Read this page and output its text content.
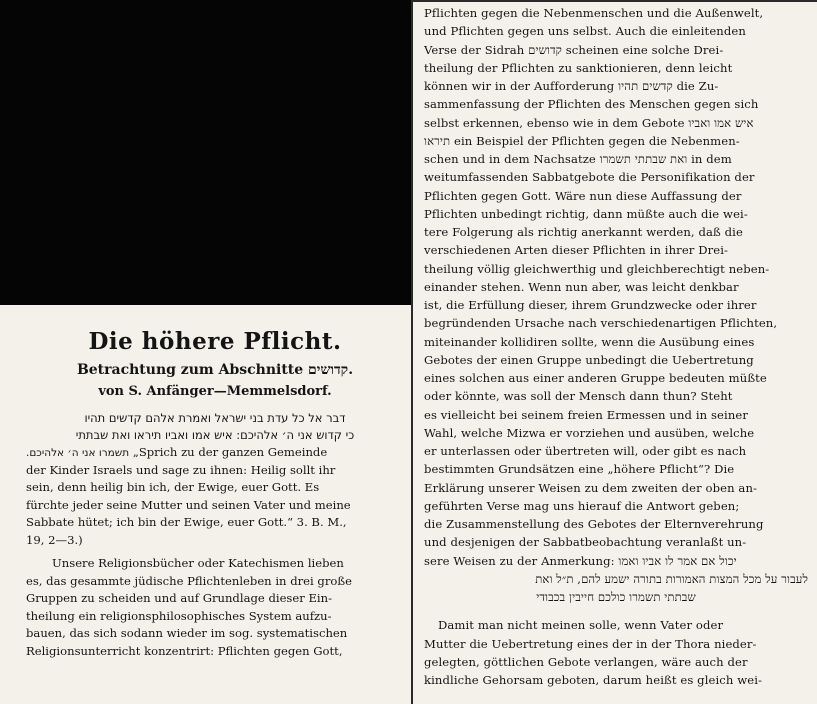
Pflichten gegen die Nebenmenschen und die Außenwelt,
und Pflichten gegen uns selbst. Auch die einleitenden
Verse der Sidrah קדושים scheinen eine solche Drei-
theilung der Pflichten zu sanktionieren, denn leicht
können wir in der Aufforderung קדשים תהיו die Zu-
sammenfassung der Pflichten des Menschen gegen sich
selbst erkennen, ebenso wie in dem Gebote איש אמו ואביו
תיראו ein Beispiel der Pflichten gegen die Nebenmen-
schen und in dem Nachsatze ואת שבתתי תשמרו in dem
weitumfassenden Sabbatgebote die Personifikation der
Pflichten gegen Gott. Wäre nun diese Auffassung der
Pflichten unbedingt richtig, dann müßte auch die wei-
tere Folgerung als richtig anerkannt werden, daß die
verschiedenen Arten dieser Pflichten in ihrer Drei-
theilung völlig gleichwerthig und gleichberechtigt neben-
einander stehen. Wenn nun aber, was leicht denkbar
ist, die Erfüllung dieser, ihrem Grundzwecke oder ihrer
begründenden Ursache nach verschiedenartigen Pflichten,
miteinander kollidiren sollte, wenn die Ausübung eines
Gebotes der einen Gruppe unbedingt die Uebertretung
eines solchen aus einer anderen Gruppe bedeuten müßte
oder könnte, was soll der Mensch dann thun? Steht
es vielleicht bei seinem freien Ermessen und in seiner
Wahl, welche Mizwa er vorziehen und ausüben, welche
er unterlassen oder übertreten will, oder gibt es nach
bestimmten Grundsätzen eine „höhere Pflicht“? Die
Erklärung unserer Weisen zu dem zweiten der oben an-
geführten Verse mag uns hierauf die Antwort geben;
die Zusammenstellung des Gebotes der Elternverehrung
und desjenigen der Sabbatbeobachtung veranlaßt un-
sere Weisen zu der Anmerkung: יכול אם אמר לו אביו ואמו
לעבור על מכל המצות האמורות בתורה ישמע להם, ת״ל ואת
שבתתי תשמרו כולכם חייבין בכבודי
Damit man nicht meinen solle, wenn Vater oder
Mutter die Uebertretung eines der in der Thora nieder-
gelegten, göttlichen Gebote verlangen, wäre auch der
kindliche Gehorsam geboten, darum heißt es gleich wei-
Die höhere Pflicht.
Betrachtung zum Abschnitte קדושים.
von S. Anfänger—Memmelsdorf.
דבר אל כל עדת בני ישראל ואמרת אלהם קדשים תהיו
כי קדוש אני ה׳ אלהיכם: איש אמו ואביו תיראו ואת שבתתי
תשמרו אני ה׳ אלהיכם. „Sprich zu der ganzen Gemeinde
der Kinder Israels und sage zu ihnen: Heilig sollt ihr
sein, denn heilig bin ich, der Ewige, euer Gott. Es
fürchte jeder seine Mutter und seinen Vater und meine
Sabbate hütet; ich bin der Ewige, euer Gott.“ 3. B. M.,
19, 2—3.)
Unsere Religionsbücher oder Katechismen lieben
es, das gesammte jüdische Pflichtenleben in drei große
Gruppen zu scheiden und auf Grundlage dieser Ein-
theilung ein religionsphilosophisches System aufzu-
bauen, das sich sodann wieder im sog. systematischen
Religionsunterricht konzentrirt: Pflichten gegen Gott,
